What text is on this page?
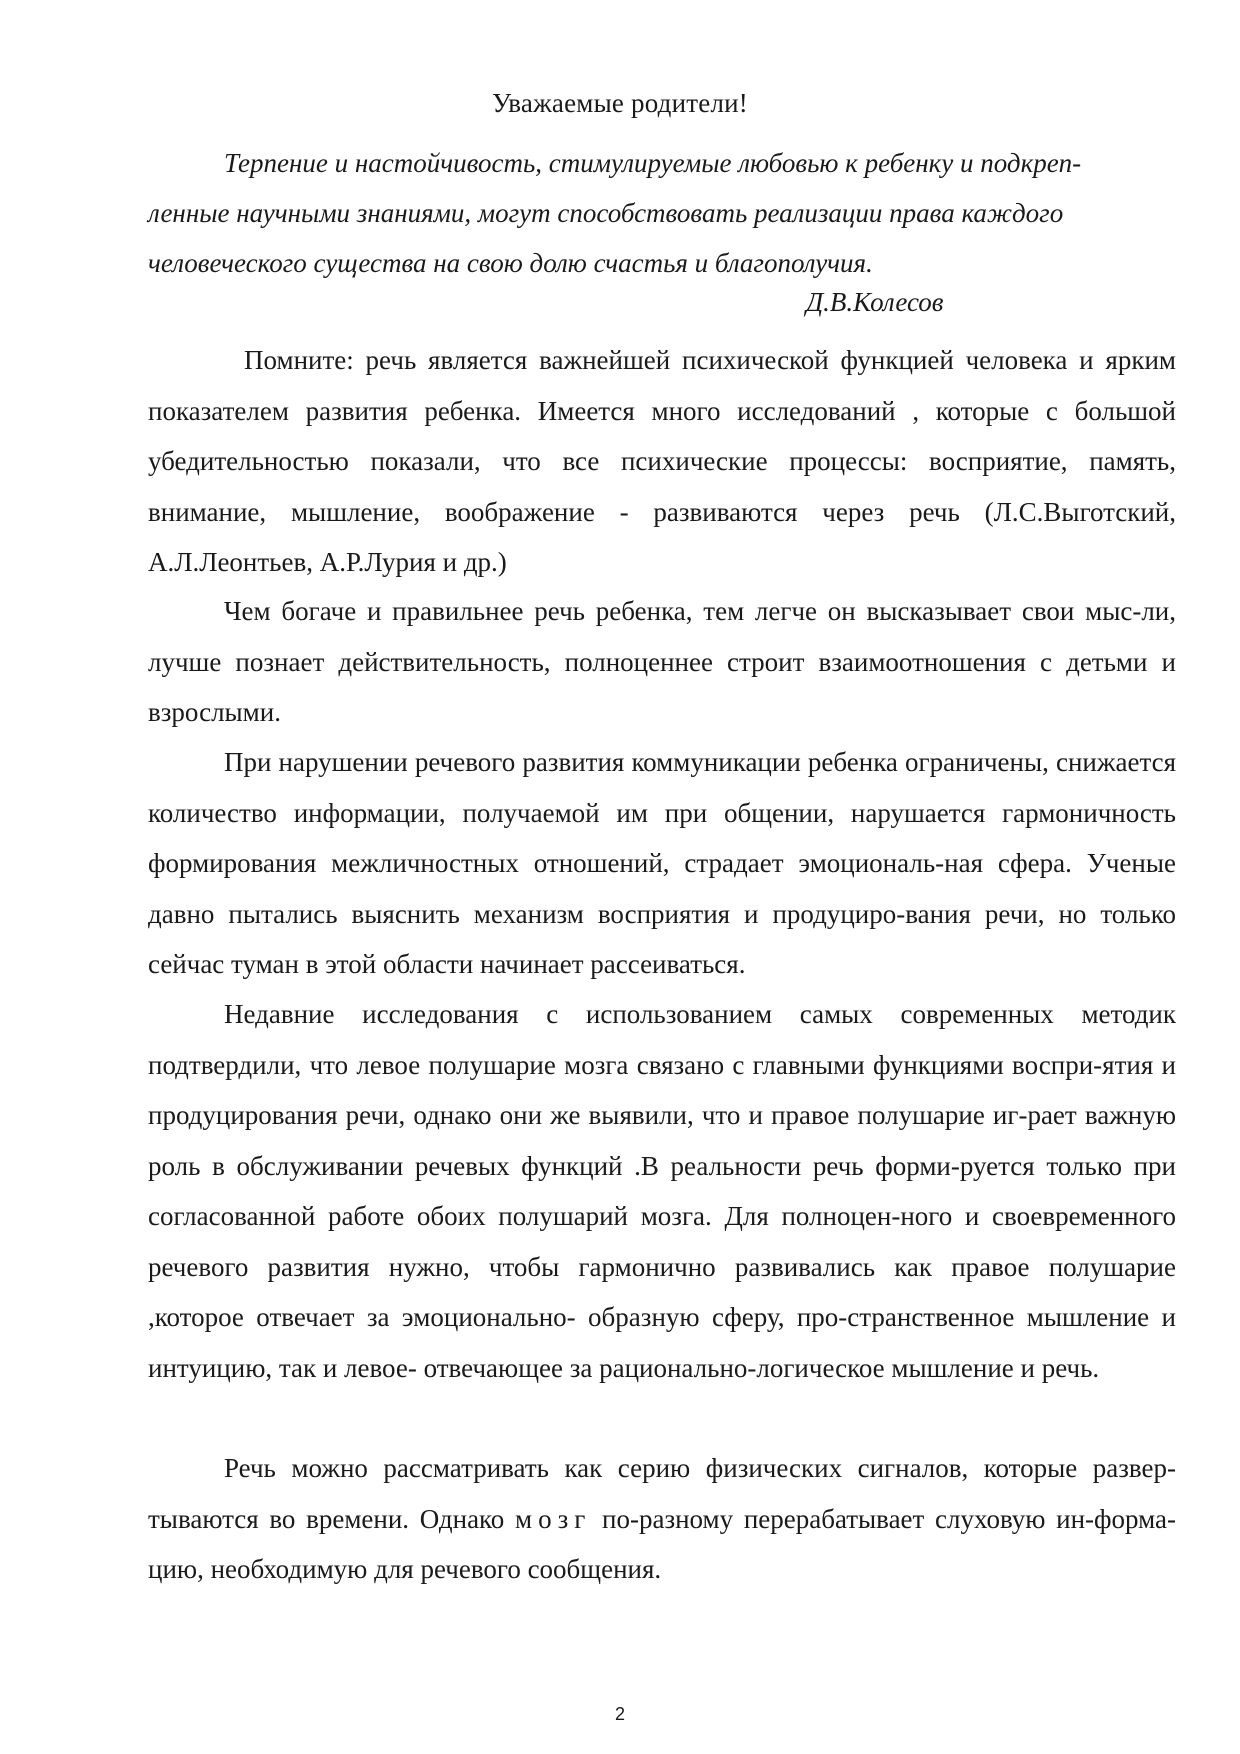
Уважаемые родители!
Терпение и настойчивость, стимулируемые любовью к ребенку и подкреп-
ленные научными знаниями, могут способствовать реализации права каждого
человеческого существа на свою долю счастья и благополучия.
Д.В.Колесов

Помните: речь является важнейшей психической функцией человека и ярким показателем развития ребенка. Имеется много исследований , которые с большой убедительностью показали, что все психические процессы: восприятие, память, внимание, мышление, воображение - развиваются через речь (Л.С.Выготский, А.Л.Леонтьев, А.Р.Лурия и др.)

Чем богаче и правильнее речь ребенка, тем легче он высказывает свои мыс-ли, лучше познает действительность, полноценнее строит взаимоотношения с детьми и взрослыми.

При нарушении речевого развития коммуникации ребенка ограничены, снижается количество информации, получаемой им при общении, нарушается гармоничность формирования межличностных отношений, страдает эмоциональ-ная сфера. Ученые давно пытались выяснить механизм восприятия и продуциро-вания речи, но только сейчас туман в этой области начинает рассеиваться.

Недавние исследования с использованием самых современных методик подтвердили, что левое полушарие мозга связано с главными функциями воспри-ятия и продуцирования речи, однако они же выявили, что и правое полушарие иг-рает важную роль в обслуживании речевых функций .В реальности речь форми-руется только при согласованной работе обоих полушарий мозга. Для полноцен-ного и своевременного речевого развития нужно, чтобы гармонично развивались как правое полушарие ,которое отвечает за эмоционально- образную сферу, про-странственное мышление и интуицию, так и левое- отвечающее за рационально-логическое мышление и речь.

Речь можно рассматривать как серию физических сигналов, которые развер-тываются во времени. Однако мозг по-разному перерабатывает слуховую ин-форма- цию, необходимую для речевого сообщения.

2
